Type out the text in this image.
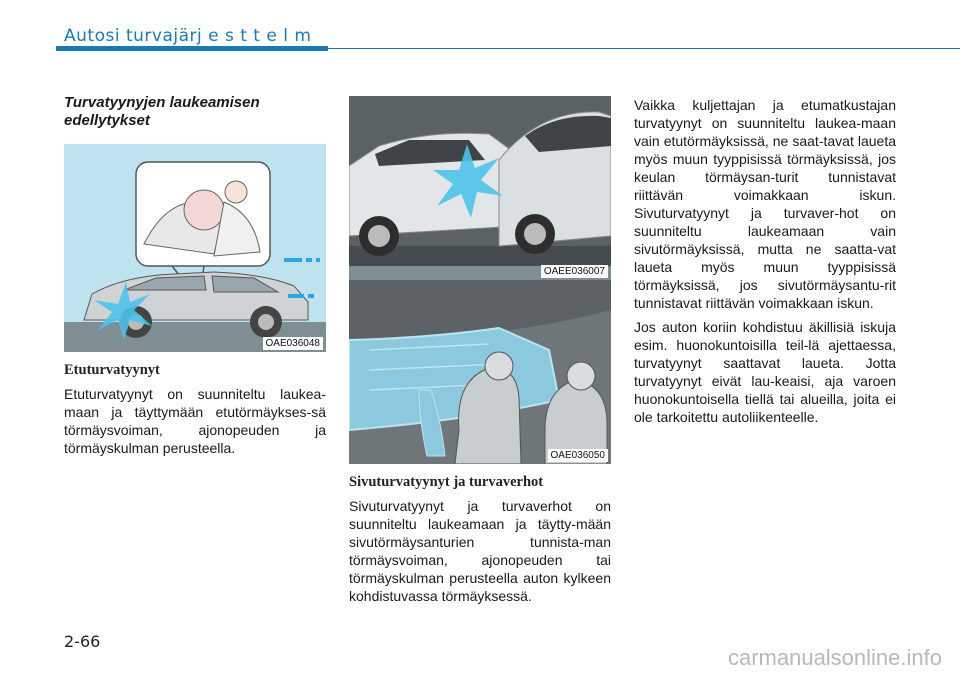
Autosi turvajärj e s t t e l m

Turvatyynyjen laukeamisen edellytykset

OAE036048
Etuturvatyynyt

Etuturvatyynyt on suunniteltu laukea-maan ja täyttymään etutörmäykses-sä törmäysvoiman, ajonopeuden ja törmäyskulman perusteella.

OAEE036007
OAE036050
Sivuturvatyynyt ja turvaverhot

Sivuturvatyynyt ja turvaverhot on suunniteltu laukeamaan ja täytty-mään sivutörmäysanturien tunnista-man törmäysvoiman, ajonopeuden tai törmäyskulman perusteella auton kylkeen kohdistuvassa törmäyksessä.

Vaikka kuljettajan ja etumatkustajan turvatyynyt on suunniteltu laukea-maan vain etutörmäyksissä, ne saat-tavat laueta myös muun tyyppisissä törmäyksissä, jos keulan törmäysan-turit tunnistavat riittävän voimakkaan iskun. Sivuturvatyynyt ja turvaver-hot on suunniteltu laukeamaan vain sivutörmäyksissä, mutta ne saatta-vat laueta myös muun tyyppisissä törmäyksissä, jos sivutörmäysantu-rit tunnistavat riittävän voimakkaan iskun.

Jos auton koriin kohdistuu äkillisiä iskuja esim. huonokuntoisilla teil-lä ajettaessa, turvatyynyt saattavat laueta. Jotta turvatyynyt eivät lau-keaisi, aja varoen huonokuntoisella tiellä tai alueilla, joita ei ole tarkoitettu autoliikenteelle.

2-66
carmanualsonline.info
